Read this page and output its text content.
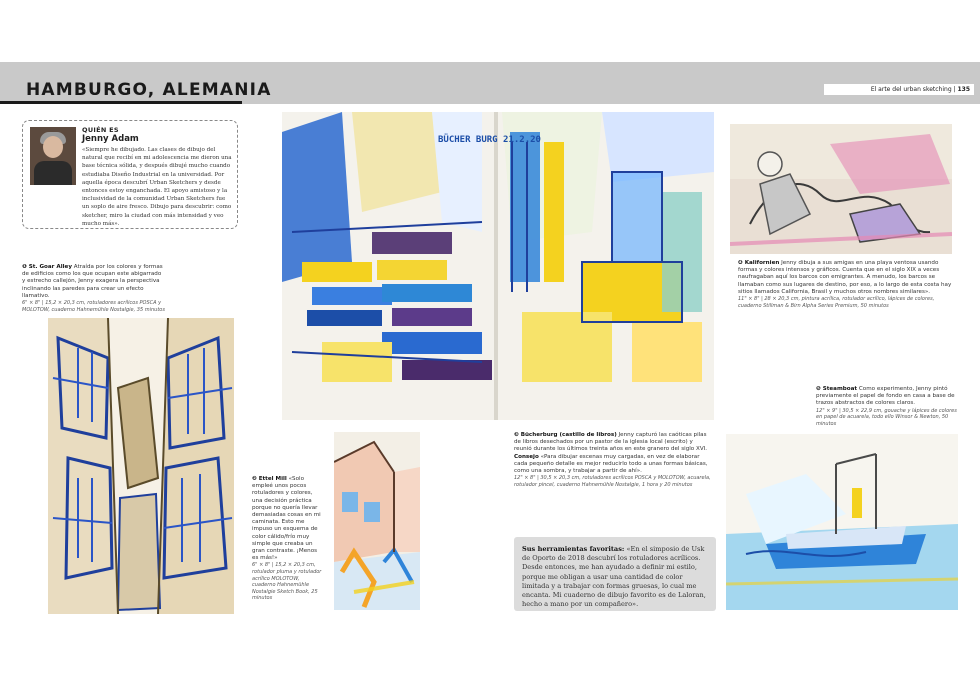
HAMBURGO, ALEMANIA	El arte del urban sketching | 135
QUIÉN ES
Jenny Adam
«Siempre he dibujado. Las clases de dibujo del natural que recibí en mi adolescencia me dieron una base técnica sólida, y después dibujé mucho cuando estudiaba Diseño Industrial en la universidad. Por aquella época descubrí Urban Sketchers y desde entonces estoy enganchada. El apoyo amistoso y la inclusividad de la comunidad Urban Sketchers fue un soplo de aire fresco. Dibujo para descubrir: como sketcher, miro la ciudad con más intensidad y veo mucho más».
❶ St. Goar Alley Atraída por los colores y formas de edificios como los que ocupan este abigarrado y estrecho callejón, Jenny exagera la perspectiva inclinando las paredes para crear un efecto llamativo.
6" × 8" | 15,2 × 20,3 cm, rotuladores acrílicos POSCA y MOLOTOW, cuaderno Hahnemühle Nostalgie, 35 minutos
BÜCHER BURG 21.2.20
❹ Kalifornien Jenny dibuja a sus amigas en una playa ventosa usando formas y colores intensos y gráficos. Cuenta que en el siglo XIX a veces naufragaban aquí los barcos con emigrantes. A menudo, los barcos se llamaban como sus lugares de destino, por eso, a lo largo de esta costa hay sitios llamados California, Brasil y muchos otros nombres similares».
11" × 8" | 28 × 20,3 cm, pintura acrílica, rotulador acrílico, lápices de colores, cuaderno Stillman & Birn Alpha Series Premium, 50 minutos
❺ Steamboat Como experimento, Jenny pintó previamente el papel de fondo en casa a base de trazos abstractos de colores claros.
12" × 9" | 30,5 × 22,9 cm, gouache y lápices de colores en papel de acuarela, todo ello Winsor & Newton, 50 minutos
❷ Ettel Mill «Solo empleé unos pocos rotuladores y colores, una decisión práctica porque no quería llevar demasiadas cosas en mi caminata. Esto me impuso un esquema de color cálido/frío muy simple que creaba un gran contraste. ¡Menos es más!»
6" × 8" | 15,2 × 20,3 cm, rotulador pluma y rotulador acrílico MOLOTOW, cuaderno Hahnemühle Nostalgie Sketch Book, 25 minutos
❸ Bücherburg (castillo de libros) Jenny capturó las caóticas pilas de libros desechados por un pastor de la iglesia local (escrito) y reunió durante los últimos treinta años en este granero del siglo XVI.
Consejo «Para dibujar escenas muy cargadas, en vez de elaborar cada pequeño detalle es mejor reducirlo todo a unas formas básicas, como una sombra, y trabajar a partir de ahí».
12" × 8" | 30,5 × 20,3 cm, rotuladores acrílicos POSCA y MOLOTOW, acuarela, rotulador pincel, cuaderno Hahnemühle Nostalgie, 1 hora y 20 minutos
Sus herramientas favoritas: «En el simposio de Usk de Oporto de 2018 descubrí los rotuladores acrílicos. Desde entonces, me han ayudado a definir mi estilo, porque me obligan a usar una cantidad de color limitada y a trabajar con formas gruesas, lo cual me encanta. Mi cuaderno de dibujo favorito es de Laloran, hecho a mano por un compañero».
